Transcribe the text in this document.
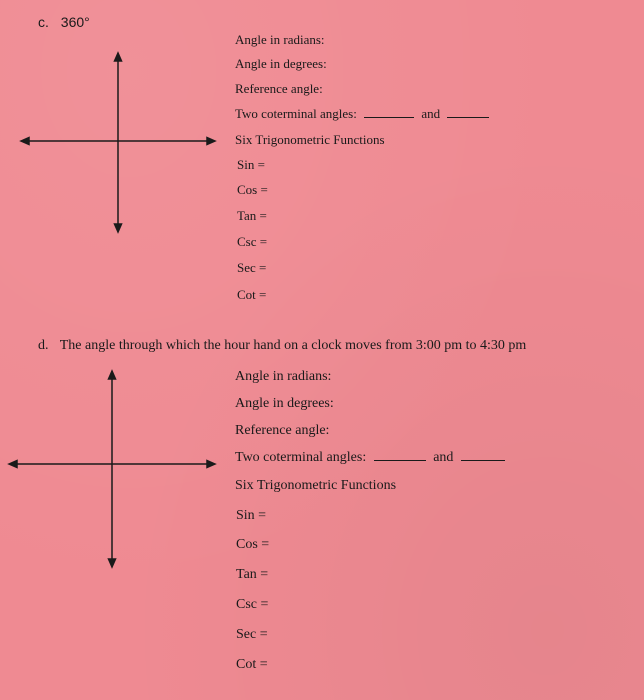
c. 360°
Angle in radians:
Angle in degrees:
Reference angle:
Two coterminal angles:	and
Six Trigonometric Functions
Sin =
Cos =
Tan =
Csc =
Sec =
Cot =
d. The angle through which the hour hand on a clock moves from 3:00 pm to 4:30 pm
Angle in radians:
Angle in degrees:
Reference angle:
Two coterminal angles:	and
Six Trigonometric Functions
Sin =
Cos =
Tan =
Csc =
Sec =
Cot =
